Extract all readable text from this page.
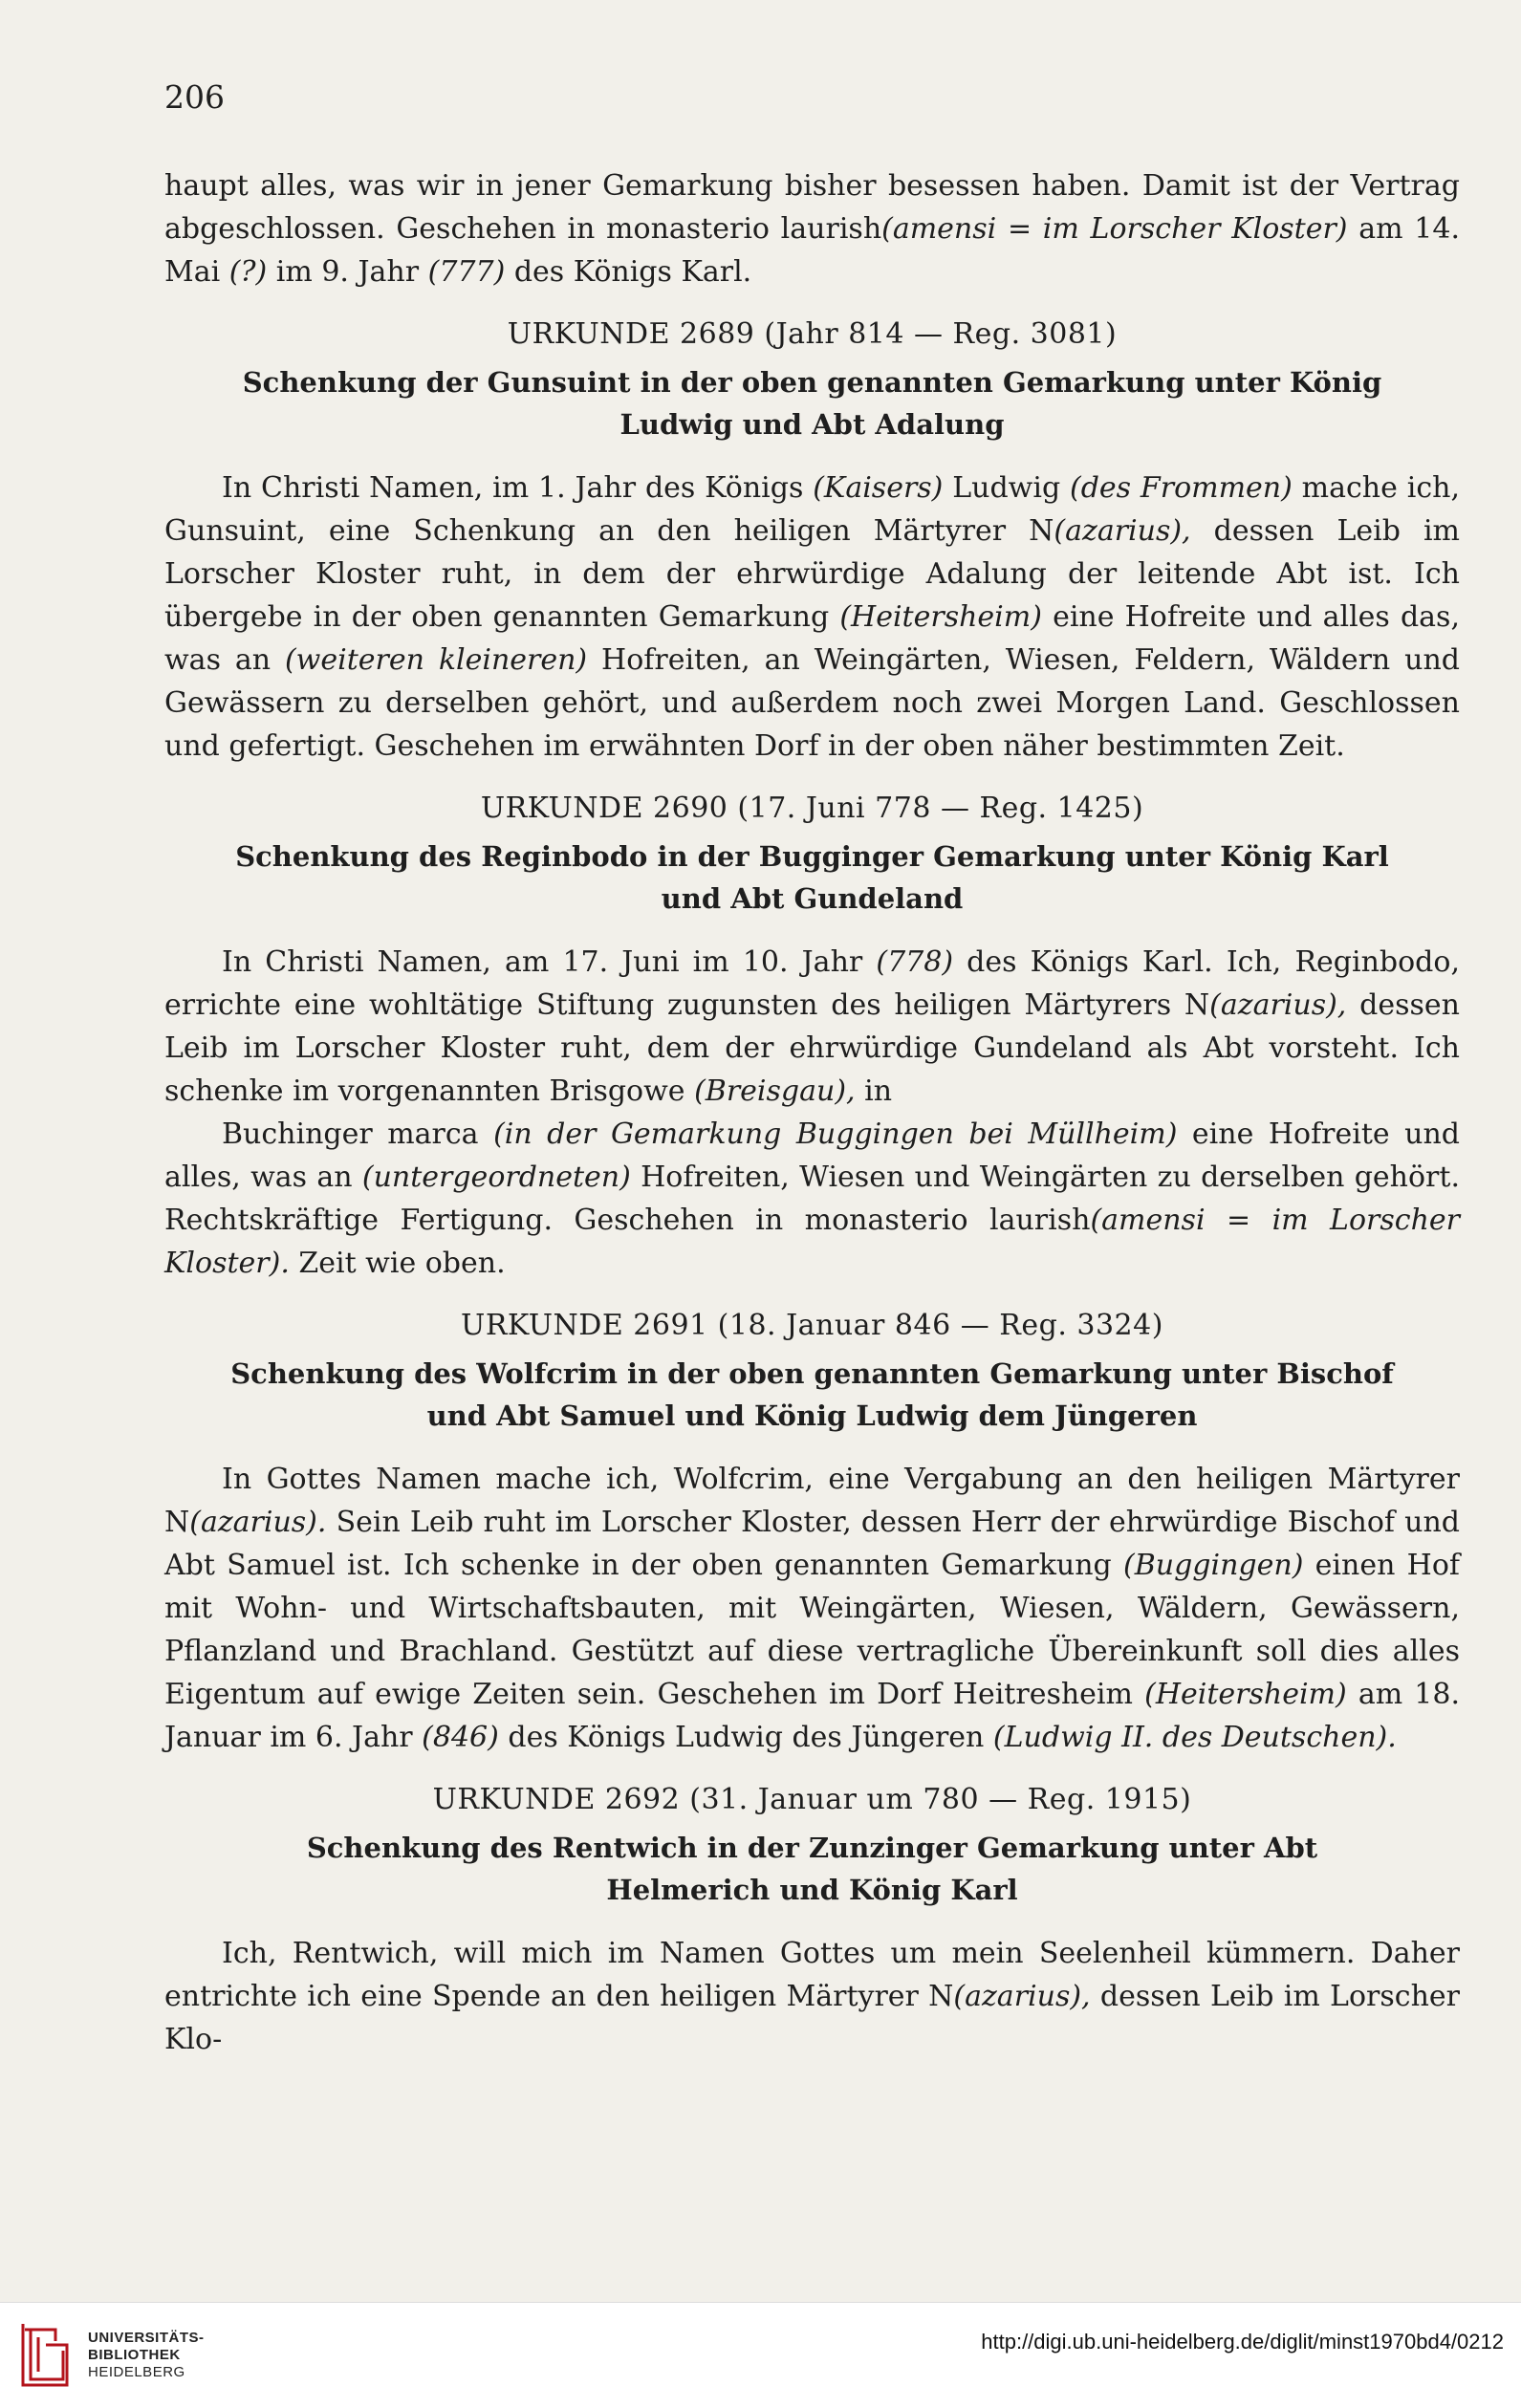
206

haupt alles, was wir in jener Gemarkung bisher besessen haben. Damit ist der Vertrag abgeschlossen. Geschehen in monasterio laurish(amensi = im Lorscher Kloster) am 14. Mai (?) im 9. Jahr (777) des Königs Karl.

URKUNDE 2689 (Jahr 814 — Reg. 3081)
Schenkung der Gunsuint in der oben genannten Gemarkung unter König Ludwig und Abt Adalung

In Christi Namen, im 1. Jahr des Königs (Kaisers) Ludwig (des Frommen) mache ich, Gunsuint, eine Schenkung an den heiligen Märtyrer N(azarius), dessen Leib im Lorscher Kloster ruht, in dem der ehrwürdige Adalung der leitende Abt ist. Ich übergebe in der oben genannten Gemarkung (Heitersheim) eine Hofreite und alles das, was an (weiteren kleineren) Hofreiten, an Weingärten, Wiesen, Feldern, Wäldern und Gewässern zu derselben gehört, und außerdem noch zwei Morgen Land. Geschlossen und gefertigt. Geschehen im erwähnten Dorf in der oben näher bestimmten Zeit.

URKUNDE 2690 (17. Juni 778 — Reg. 1425)
Schenkung des Reginbodo in der Bugginger Gemarkung unter König Karl und Abt Gundeland

In Christi Namen, am 17. Juni im 10. Jahr (778) des Königs Karl. Ich, Reginbodo, errichte eine wohltätige Stiftung zugunsten des heiligen Märtyrers N(azarius), dessen Leib im Lorscher Kloster ruht, dem der ehrwürdige Gundeland als Abt vorsteht. Ich schenke im vorgenannten Brisgowe (Breisgau), in

Buchinger marca (in der Gemarkung Buggingen bei Müllheim) eine Hofreite und alles, was an (untergeordneten) Hofreiten, Wiesen und Weingärten zu derselben gehört. Rechtskräftige Fertigung. Geschehen in monasterio laurish(amensi = im Lorscher Kloster). Zeit wie oben.

URKUNDE 2691 (18. Januar 846 — Reg. 3324)
Schenkung des Wolfcrim in der oben genannten Gemarkung unter Bischof und Abt Samuel und König Ludwig dem Jüngeren

In Gottes Namen mache ich, Wolfcrim, eine Vergabung an den heiligen Märtyrer N(azarius). Sein Leib ruht im Lorscher Kloster, dessen Herr der ehrwürdige Bischof und Abt Samuel ist. Ich schenke in der oben genannten Gemarkung (Buggingen) einen Hof mit Wohn- und Wirtschaftsbauten, mit Weingärten, Wiesen, Wäldern, Gewässern, Pflanzland und Brachland. Gestützt auf diese vertragliche Übereinkunft soll dies alles Eigentum auf ewige Zeiten sein. Geschehen im Dorf Heitresheim (Heitersheim) am 18. Januar im 6. Jahr (846) des Königs Ludwig des Jüngeren (Ludwig II. des Deutschen).

URKUNDE 2692 (31. Januar um 780 — Reg. 1915)
Schenkung des Rentwich in der Zunzinger Gemarkung unter Abt Helmerich und König Karl

Ich, Rentwich, will mich im Namen Gottes um mein Seelenheil kümmern. Daher entrichte ich eine Spende an den heiligen Märtyrer N(azarius), dessen Leib im Lorscher Klo-

UNIVERSITÄTS-
BIBLIOTHEK
HEIDELBERG
http://digi.ub.uni-heidelberg.de/diglit/minst1970bd4/0212
